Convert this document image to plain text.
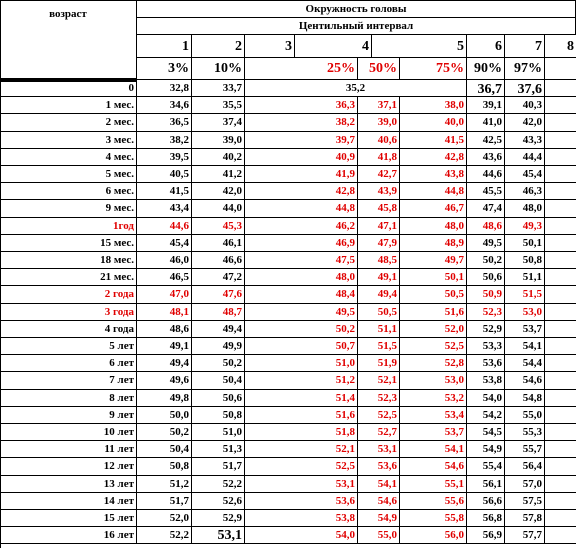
возраст	Окружность головы
Центильный интервал
1	2	3	4	5	6	7	8
3%	10%	25%	50%	75% 90% 97%
0	32,8	33,7	35,2	36,7	37,6
1 мес.	34,6	35,5	36,3	37,1	38,0	39,1	40,3
2 мес.	36,5	37,4	38,2	39,0	40,0	41,0	42,0
3 мес.	38,2	39,0	39,7	40,6	41,5	42,5	43,3
4 мес.	39,5	40,2	40,9	41,8	42,8	43,6	44,4
5 мес.	40,5	41,2	41,9	42,7	43,8	44,6	45,4
6 мес.	41,5	42,0	42,8	43,9	44,8	45,5	46,3
9 мес.	43,4	44,0	44,8	45,8	46,7	47,4	48,0
1год	44,6	45,3	46,2	47,1	48,0	48,6	49,3
15 мес.	45,4	46,1	46,9	47,9	48,9	49,5	50,1
18 мес.	46,0	46,6	47,5	48,5	49,7	50,2	50,8
21 мес.	46,5	47,2	48,0	49,1	50,1	50,6	51,1
2 года	47,0	47,6	48,4	49,4	50,5	50,9	51,5
3 года	48,1	48,7	49,5	50,5	51,6	52,3	53,0
4 года	48,6	49,4	50,2	51,1	52,0	52,9	53,7
5 лет	49,1	49,9	50,7	51,5	52,5	53,3	54,1
6 лет	49,4	50,2	51,0	51,9	52,8	53,6	54,4
7 лет	49,6	50,4	51,2	52,1	53,0	53,8	54,6
8 лет	49,8	50,6	51,4	52,3	53,2	54,0	54,8
9 лет	50,0	50,8	51,6	52,5	53,4	54,2	55,0
10 лет	50,2	51,0	51,8	52,7	53,7	54,5	55,3
11 лет	50,4	51,3	52,1	53,1	54,1	54,9	55,7
12 лет	50,8	51,7	52,5	53,6	54,6	55,4	56,4
13 лет	51,2	52,2	53,1	54,1	55,1	56,1	57,0
14 лет	51,7	52,6	53,6	54,6	55,6	56,6	57,5
15 лет	52,0	52,9	53,8	54,9	55,8	56,8	57,8
16 лет	52,2	53,1	54,0	55,0	56,0	56,9	57,7
